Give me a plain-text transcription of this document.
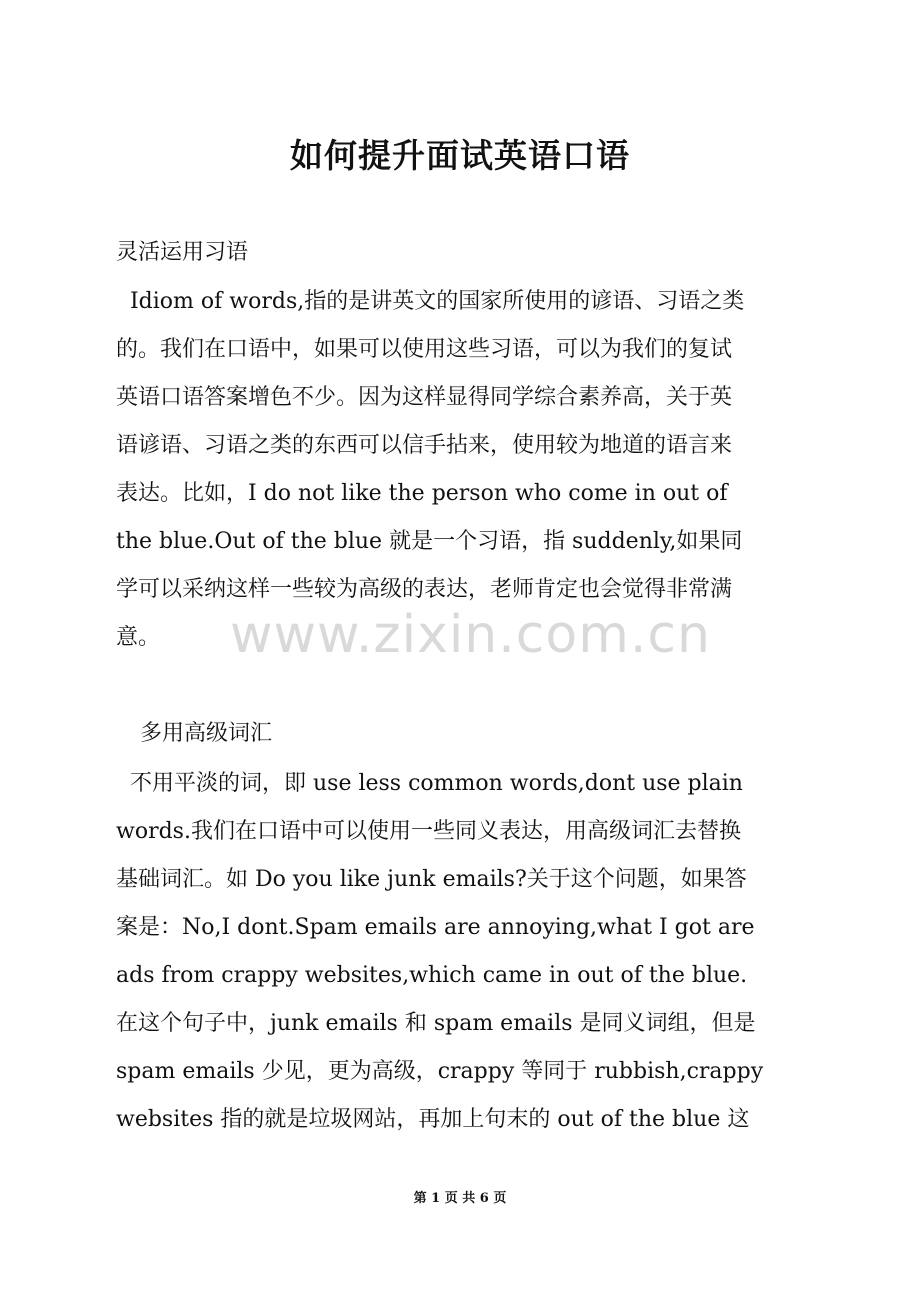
如何提升面试英语口语
灵活运用习语

Idiom of words,指的是讲英文的国家所使用的谚语、习语之类

的。我们在口语中，如果可以使用这些习语，可以为我们的复试

英语口语答案增色不少。因为这样显得同学综合素养高，关于英

语谚语、习语之类的东西可以信手拈来，使用较为地道的语言来

表达。比如，I do not like the person who come in out of

the blue.Out of the blue 就是一个习语，指 suddenly,如果同

学可以采纳这样一些较为高级的表达，老师肯定也会觉得非常满

意。	www.zixin.com.cn
多用高级词汇

不用平淡的词，即 use less common words,dont use plain

words.我们在口语中可以使用一些同义表达，用高级词汇去替换

基础词汇。如 Do you like junk emails?关于这个问题，如果答

案是：No,I dont.Spam emails are annoying,what I got are

ads from crappy websites,which came in out of the blue.

在这个句子中，junk emails 和 spam emails 是同义词组，但是

spam emails 少见，更为高级，crappy 等同于 rubbish,crappy

websites 指的就是垃圾网站，再加上句末的 out of the blue 这

第 1 页 共 6 页
